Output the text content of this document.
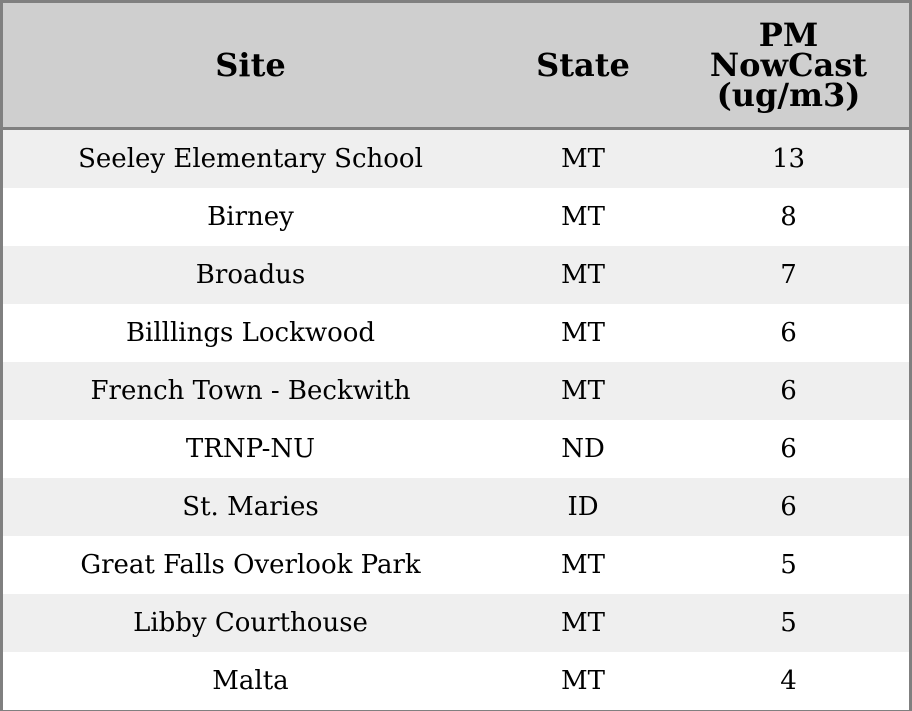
Site	State	PM
NowCast
(ug/m3)

Seeley Elementary School	MT	13
Birney	MT	8
Broadus	MT	7
Billlings Lockwood	MT	6
French Town - Beckwith	MT	6
TRNP-NU	ND	6
St. Maries	ID	6
Great Falls Overlook Park	MT	5
Libby Courthouse	MT	5
Malta	MT	4
